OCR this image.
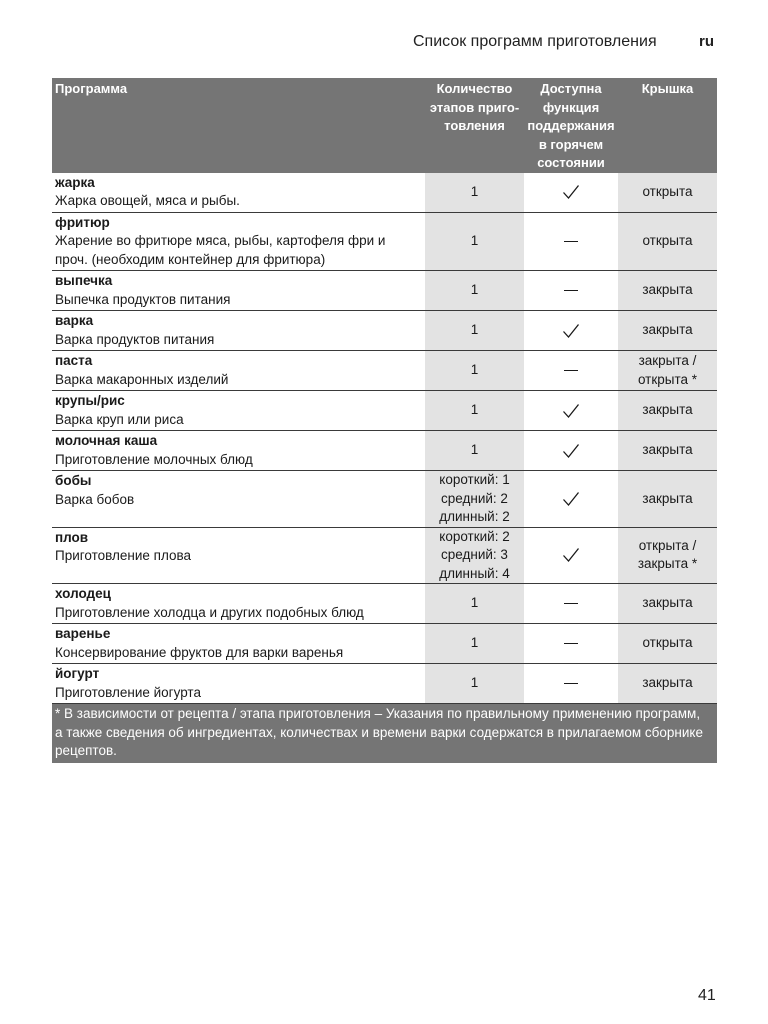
Список программ приготовления	ru
Программа	Количество
этапов приго-
товления	Доступна
функция
поддержания
в горячем
состоянии	Крышка

жарка
Жарка овощей, мяса и рыбы.	1		открыта

фритюр
Жарение во фритюре мяса, рыбы, картофеля фри и
проч. (необходим контейнер для фритюра)	1		открыта

выпечка
Выпечка продуктов питания	1		закрыта

варка
Варка продуктов питания	1		закрыта

паста
Варка макаронных изделий	1		закрыта /
открыта *

крупы/рис
Варка круп или риса	1		закрыта

молочная каша
Приготовление молочных блюд	1		закрыта

бобы
Варка бобов	короткий: 1
средний: 2
длинный: 2		закрыта

плов
Приготовление плова	короткий: 2
средний: 3
длинный: 4		открыта /
закрыта *

холодец
Приготовление холодца и других подобных блюд	1		закрыта

варенье
Консервирование фруктов для варки варенья	1		открыта

йогурт
Приготовление йогурта	1		закрыта

* В зависимости от рецепта / этапа приготовления – Указания по правильному применению программ,
а также сведения об ингредиентах, количествах и времени варки содержатся в прилагаемом сборнике
рецептов.			
41
